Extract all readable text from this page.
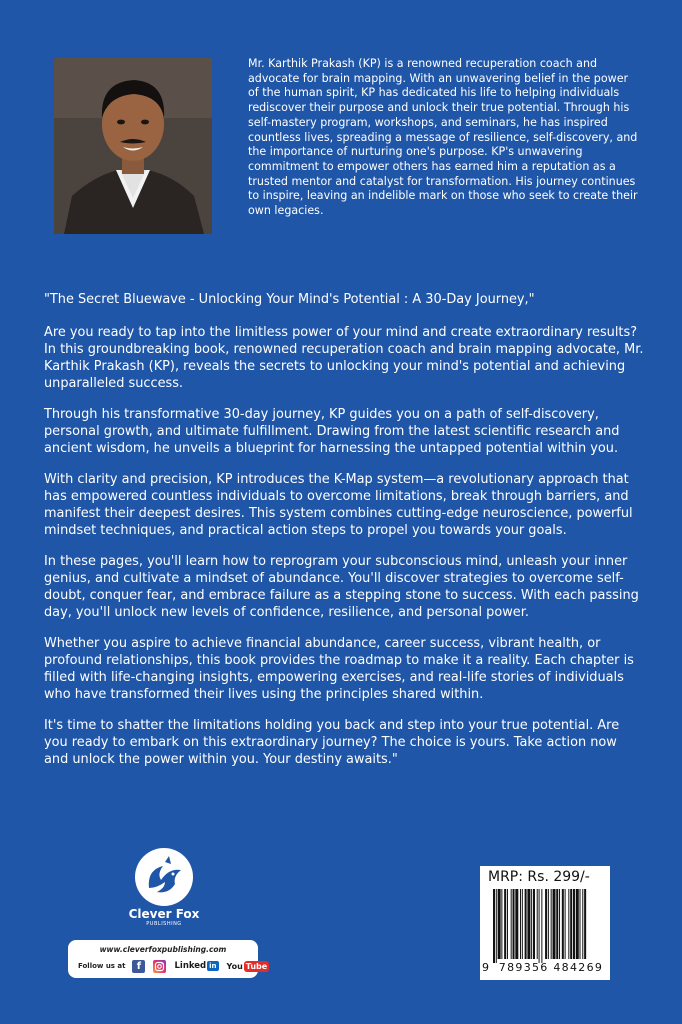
Mr. Karthik Prakash (KP) is a renowned recuperation coach and advocate for brain mapping. With an unwavering belief in the power of the human spirit, KP has dedicated his life to helping individuals rediscover their purpose and unlock their true potential. Through his self-mastery program, workshops, and seminars, he has inspired countless lives, spreading a message of resilience, self-discovery, and the importance of nurturing one's purpose. KP's unwavering commitment to empower others has earned him a reputation as a trusted mentor and catalyst for transformation. His journey continues to inspire, leaving an indelible mark on those who seek to create their own legacies.

"The Secret Bluewave - Unlocking Your Mind's Potential : A 30-Day Journey,"

Are you ready to tap into the limitless power of your mind and create extraordinary results? In this groundbreaking book, renowned recuperation coach and brain mapping advocate, Mr. Karthik Prakash (KP), reveals the secrets to unlocking your mind's potential and achieving unparalleled success.

Through his transformative 30-day journey, KP guides you on a path of self-discovery, personal growth, and ultimate fulfillment. Drawing from the latest scientific research and ancient wisdom, he unveils a blueprint for harnessing the untapped potential within you.

With clarity and precision, KP introduces the K-Map system—a revolutionary approach that has empowered countless individuals to overcome limitations, break through barriers, and manifest their deepest desires. This system combines cutting-edge neuroscience, powerful mindset techniques, and practical action steps to propel you towards your goals.

In these pages, you'll learn how to reprogram your subconscious mind, unleash your inner genius, and cultivate a mindset of abundance. You'll discover strategies to overcome self-doubt, conquer fear, and embrace failure as a stepping stone to success. With each passing day, you'll unlock new levels of confidence, resilience, and personal power.

Whether you aspire to achieve financial abundance, career success, vibrant health, or profound relationships, this book provides the roadmap to make it a reality. Each chapter is filled with life-changing insights, empowering exercises, and real-life stories of individuals who have transformed their lives using the principles shared within.

It's time to shatter the limitations holding you back and step into your true potential. Are you ready to embark on this extraordinary journey? The choice is yours. Take action now and unlock the power within you. Your destiny awaits."

Clever Fox
PUBLISHING
www.cleverfoxpublishing.com
Follow us at	f	Linked in You Tube
MRP: Rs. 299/-
9 789356 484269
